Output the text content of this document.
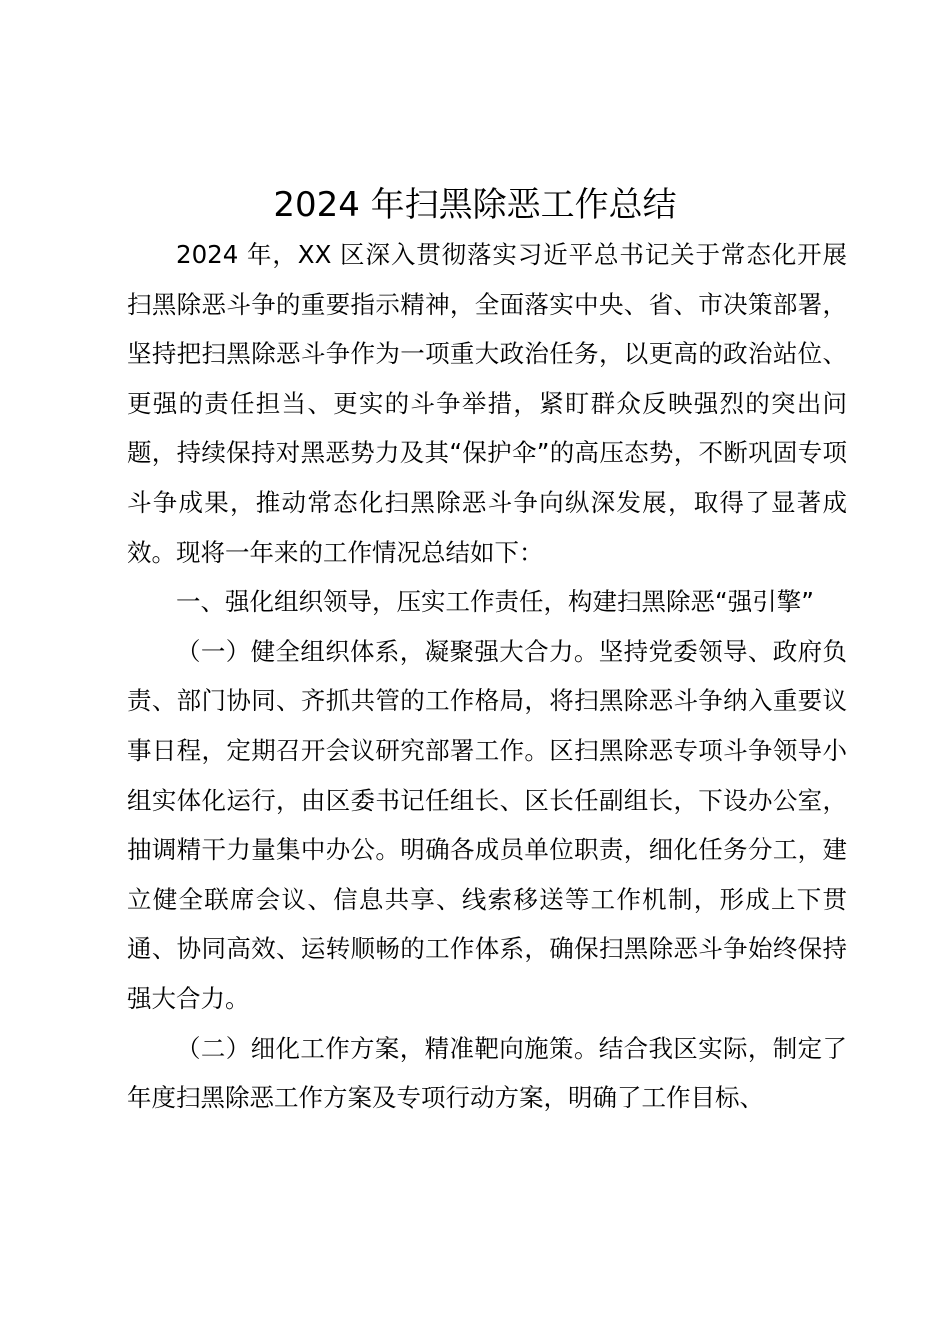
2024 年扫黑除恶工作总结

2024 年，XX 区深入贯彻落实习近平总书记关于常态化开展扫黑除恶斗争的重要指示精神，全面落实中央、省、市决策部署，坚持把扫黑除恶斗争作为一项重大政治任务，以更高的政治站位、更强的责任担当、更实的斗争举措，紧盯群众反映强烈的突出问题，持续保持对黑恶势力及其“保护伞”的高压态势，不断巩固专项斗争成果，推动常态化扫黑除恶斗争向纵深发展，取得了显著成效。现将一年来的工作情况总结如下：

一、强化组织领导，压实工作责任，构建扫黑除恶“强引擎”

（一）健全组织体系，凝聚强大合力。坚持党委领导、政府负责、部门协同、齐抓共管的工作格局，将扫黑除恶斗争纳入重要议事日程，定期召开会议研究部署工作。区扫黑除恶专项斗争领导小组实体化运行，由区委书记任组长、区长任副组长，下设办公室，抽调精干力量集中办公。明确各成员单位职责，细化任务分工，建立健全联席会议、信息共享、线索移送等工作机制，形成上下贯通、协同高效、运转顺畅的工作体系，确保扫黑除恶斗争始终保持强大合力。

（二）细化工作方案，精准靶向施策。结合我区实际，制定了年度扫黑除恶工作方案及专项行动方案，明确了工作目标、
